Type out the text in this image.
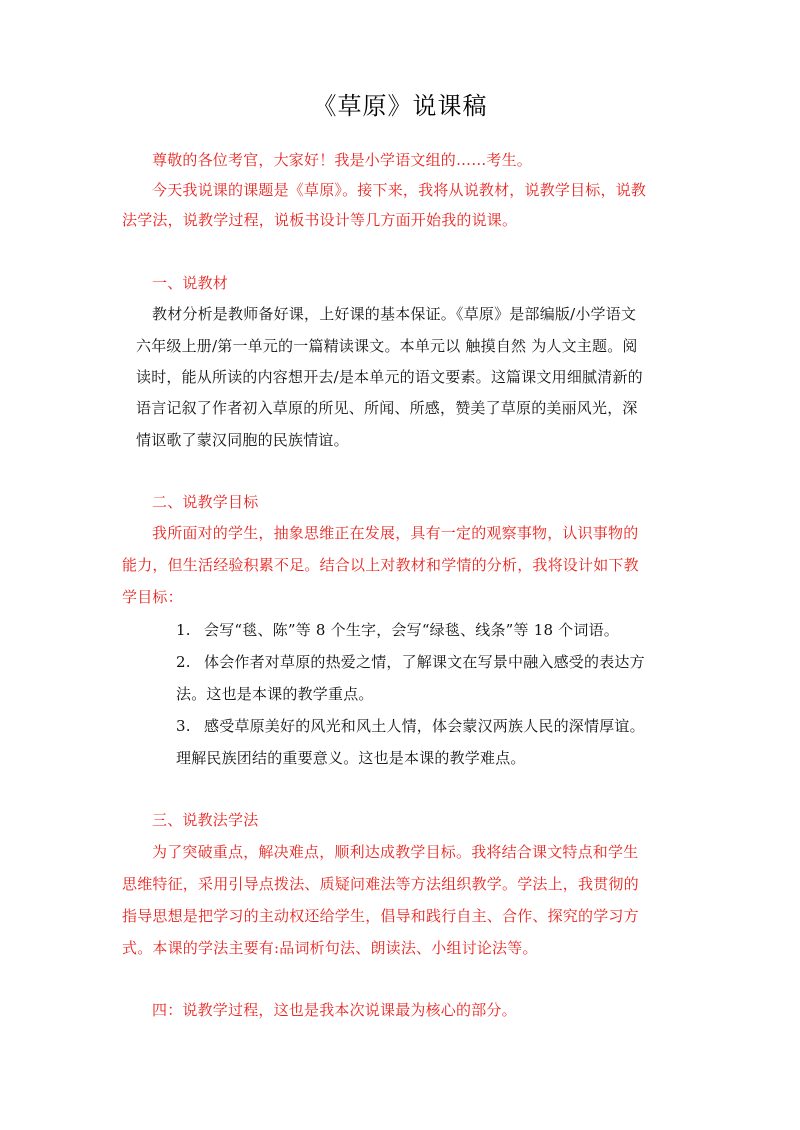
《草原》说课稿
尊敬的各位考官，大家好！我是小学语文组的……考生。
今天我说课的课题是《草原》。接下来，我将从说教材，说教学目标，说教
法学法，说教学过程，说板书设计等几方面开始我的说课。
一、说教材
教材分析是教师备好课，上好课的基本保证。《草原》是部编版/小学语文
六年级上册/第一单元的一篇精读课文。本单元以 触摸自然 为人文主题。阅
读时，能从所读的内容想开去/是本单元的语文要素。这篇课文用细腻清新的
语言记叙了作者初入草原的所见、所闻、所感，赞美了草原的美丽风光，深
情讴歌了蒙汉同胞的民族情谊。
二、说教学目标
我所面对的学生，抽象思维正在发展，具有一定的观察事物，认识事物的
能力，但生活经验积累不足。结合以上对教材和学情的分析，我将设计如下教
学目标：
1. 会写“毯、陈”等 8 个生字，会写“绿毯、线条”等 18 个词语。
2. 体会作者对草原的热爱之情，了解课文在写景中融入感受的表达方
法。这也是本课的教学重点。
3. 感受草原美好的风光和风土人情，体会蒙汉两族人民的深情厚谊。
理解民族团结的重要意义。这也是本课的教学难点。
三、说教法学法
为了突破重点，解决难点，顺利达成教学目标。我将结合课文特点和学生
思维特征，采用引导点拨法、质疑问难法等方法组织教学。学法上，我贯彻的
指导思想是把学习的主动权还给学生，倡导和践行自主、合作、探究的学习方
式。本课的学法主要有:品词析句法、朗读法、小组讨论法等。
四：说教学过程，这也是我本次说课最为核心的部分。
